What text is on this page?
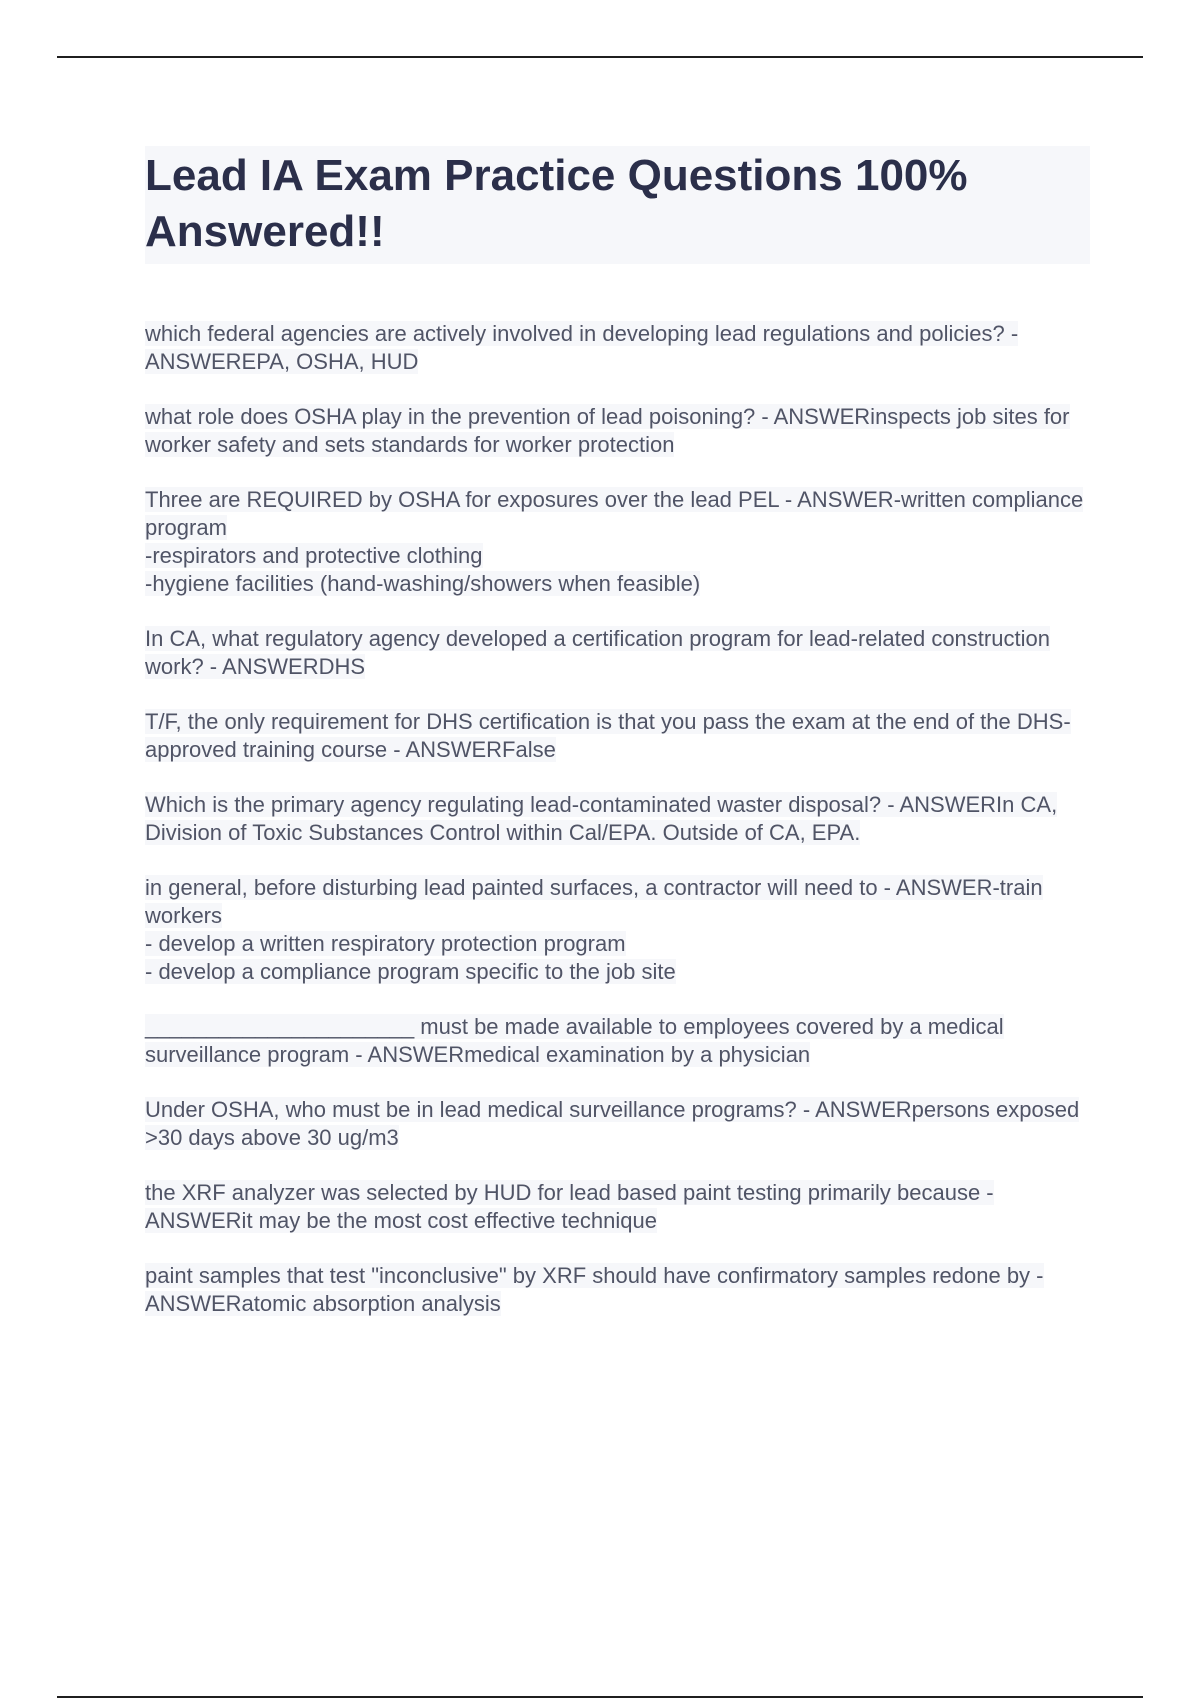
Lead IA Exam Practice Questions 100% Answered!!

which federal agencies are actively involved in developing lead regulations and policies? - ANSWEREPA, OSHA, HUD

what role does OSHA play in the prevention of lead poisoning? - ANSWERinspects job sites for worker safety and sets standards for worker protection

Three are REQUIRED by OSHA for exposures over the lead PEL - ANSWER-written compliance program
-respirators and protective clothing
-hygiene facilities (hand-washing/showers when feasible)

In CA, what regulatory agency developed a certification program for lead-related construction work? - ANSWERDHS

T/F, the only requirement for DHS certification is that you pass the exam at the end of the DHS-approved training course - ANSWERFalse

Which is the primary agency regulating lead-contaminated waster disposal? - ANSWERIn CA, Division of Toxic Substances Control within Cal/EPA. Outside of CA, EPA.

in general, before disturbing lead painted surfaces, a contractor will need to - ANSWER-train workers
- develop a written respiratory protection program
- develop a compliance program specific to the job site

______________________ must be made available to employees covered by a medical surveillance program - ANSWERmedical examination by a physician

Under OSHA, who must be in lead medical surveillance programs? - ANSWERpersons exposed >30 days above 30 ug/m3

the XRF analyzer was selected by HUD for lead based paint testing primarily because - ANSWERit may be the most cost effective technique

paint samples that test "inconclusive" by XRF should have confirmatory samples redone by - ANSWERatomic absorption analysis
